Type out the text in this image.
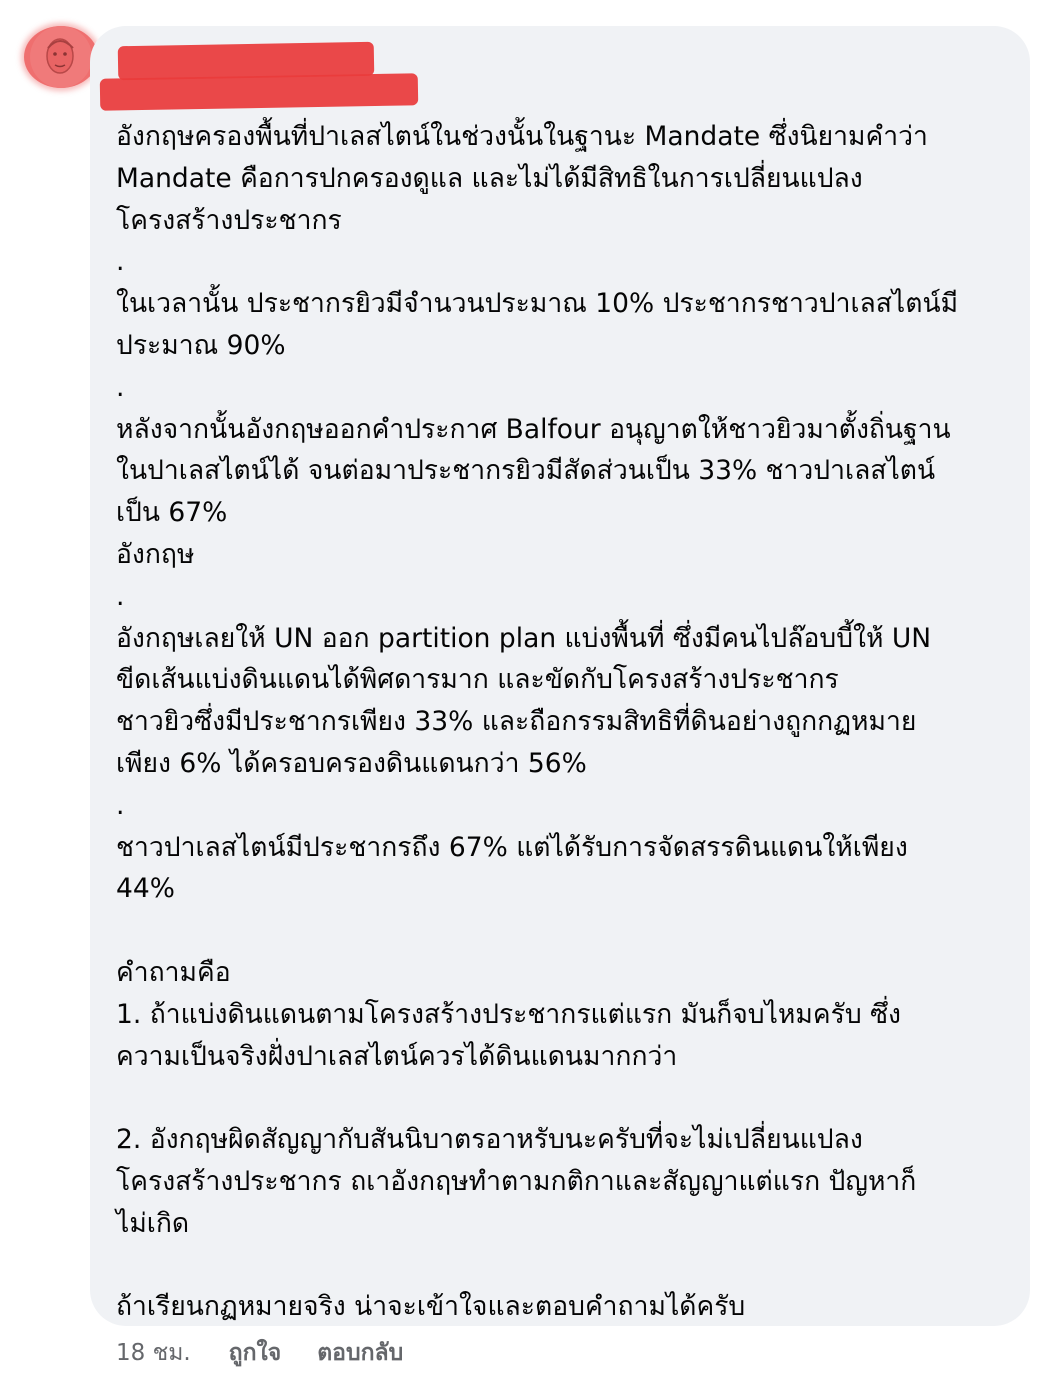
อังกฤษครองพื้นที่ปาเลสไตน์ในช่วงนั้นในฐานะ Mandate ซึ่งนิยามคำว่า
Mandate คือการปกครองดูแล และไม่ได้มีสิทธิในการเปลี่ยนแปลง
โครงสร้างประชากร
.
ในเวลานั้น ประชากรยิวมีจำนวนประมาณ 10% ประชากรชาวปาเลสไตน์มี
ประมาณ 90%
.
หลังจากนั้นอังกฤษออกคำประกาศ Balfour อนุญาตให้ชาวยิวมาตั้งถิ่นฐาน
ในปาเลสไตน์ได้ จนต่อมาประชากรยิวมีสัดส่วนเป็น 33% ชาวปาเลสไตน์
เป็น 67%
อังกฤษ
.
อังกฤษเลยให้ UN ออก partition plan แบ่งพื้นที่ ซึ่งมีคนไปล๊อบบี้ให้ UN
ขีดเส้นแบ่งดินแดนได้พิศดารมาก และขัดกับโครงสร้างประชากร
ชาวยิวซึ่งมีประชากรเพียง 33% และถือกรรมสิทธิที่ดินอย่างถูกกฏหมาย
เพียง 6% ได้ครอบครองดินแดนกว่า 56%
.
ชาวปาเลสไตน์มีประชากรถึง 67% แต่ได้รับการจัดสรรดินแดนให้เพียง
44%

คำถามคือ
1. ถ้าแบ่งดินแดนตามโครงสร้างประชากรแต่แรก มันก็จบไหมครับ ซึ่ง
ความเป็นจริงฝั่งปาเลสไตน์ควรได้ดินแดนมากกว่า

2. อังกฤษผิดสัญญากับสันนิบาตรอาหรับนะครับที่จะไม่เปลี่ยนแปลง
โครงสร้างประชากร ถเาอังกฤษทำตามกติกาและสัญญาแต่แรก ปัญหาก็
ไม่เกิด

ถ้าเรียนกฏหมายจริง น่าจะเข้าใจและตอบคำถามได้ครับ

18 ชม. ถูกใจ ตอบกลับ
